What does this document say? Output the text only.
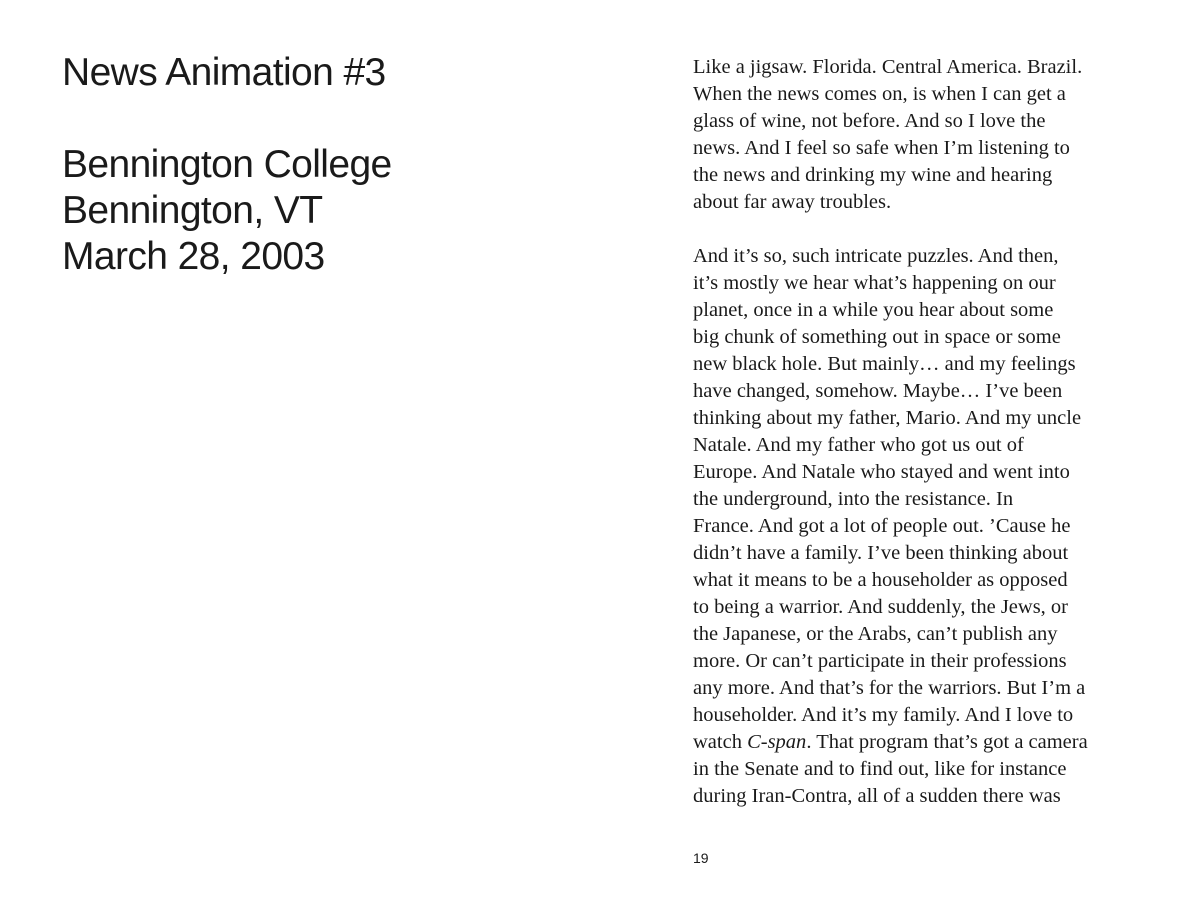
News Animation #3
Bennington College
Bennington, VT
March 28, 2003
Like a jigsaw. Florida. Central America. Brazil.
When the news comes on, is when I can get a
glass of wine, not before. And so I love the
news. And I feel so safe when I’m listening to
the news and drinking my wine and hearing
about far away troubles.
And it’s so, such intricate puzzles. And then,
it’s mostly we hear what’s happening on our
planet, once in a while you hear about some
big chunk of something out in space or some
new black hole. But mainly… and my feelings
have changed, somehow. Maybe… I’ve been
thinking about my father, Mario. And my uncle
Natale. And my father who got us out of
Europe. And Natale who stayed and went into
the underground, into the resistance. In
France. And got a lot of people out. ’Cause he
didn’t have a family. I’ve been thinking about
what it means to be a householder as opposed
to being a warrior. And suddenly, the Jews, or
the Japanese, or the Arabs, can’t publish any
more. Or can’t participate in their professions
any more. And that’s for the warriors. But I’m a
householder. And it’s my family. And I love to
watch C-span. That program that’s got a camera
in the Senate and to find out, like for instance
during Iran-Contra, all of a sudden there was
19
